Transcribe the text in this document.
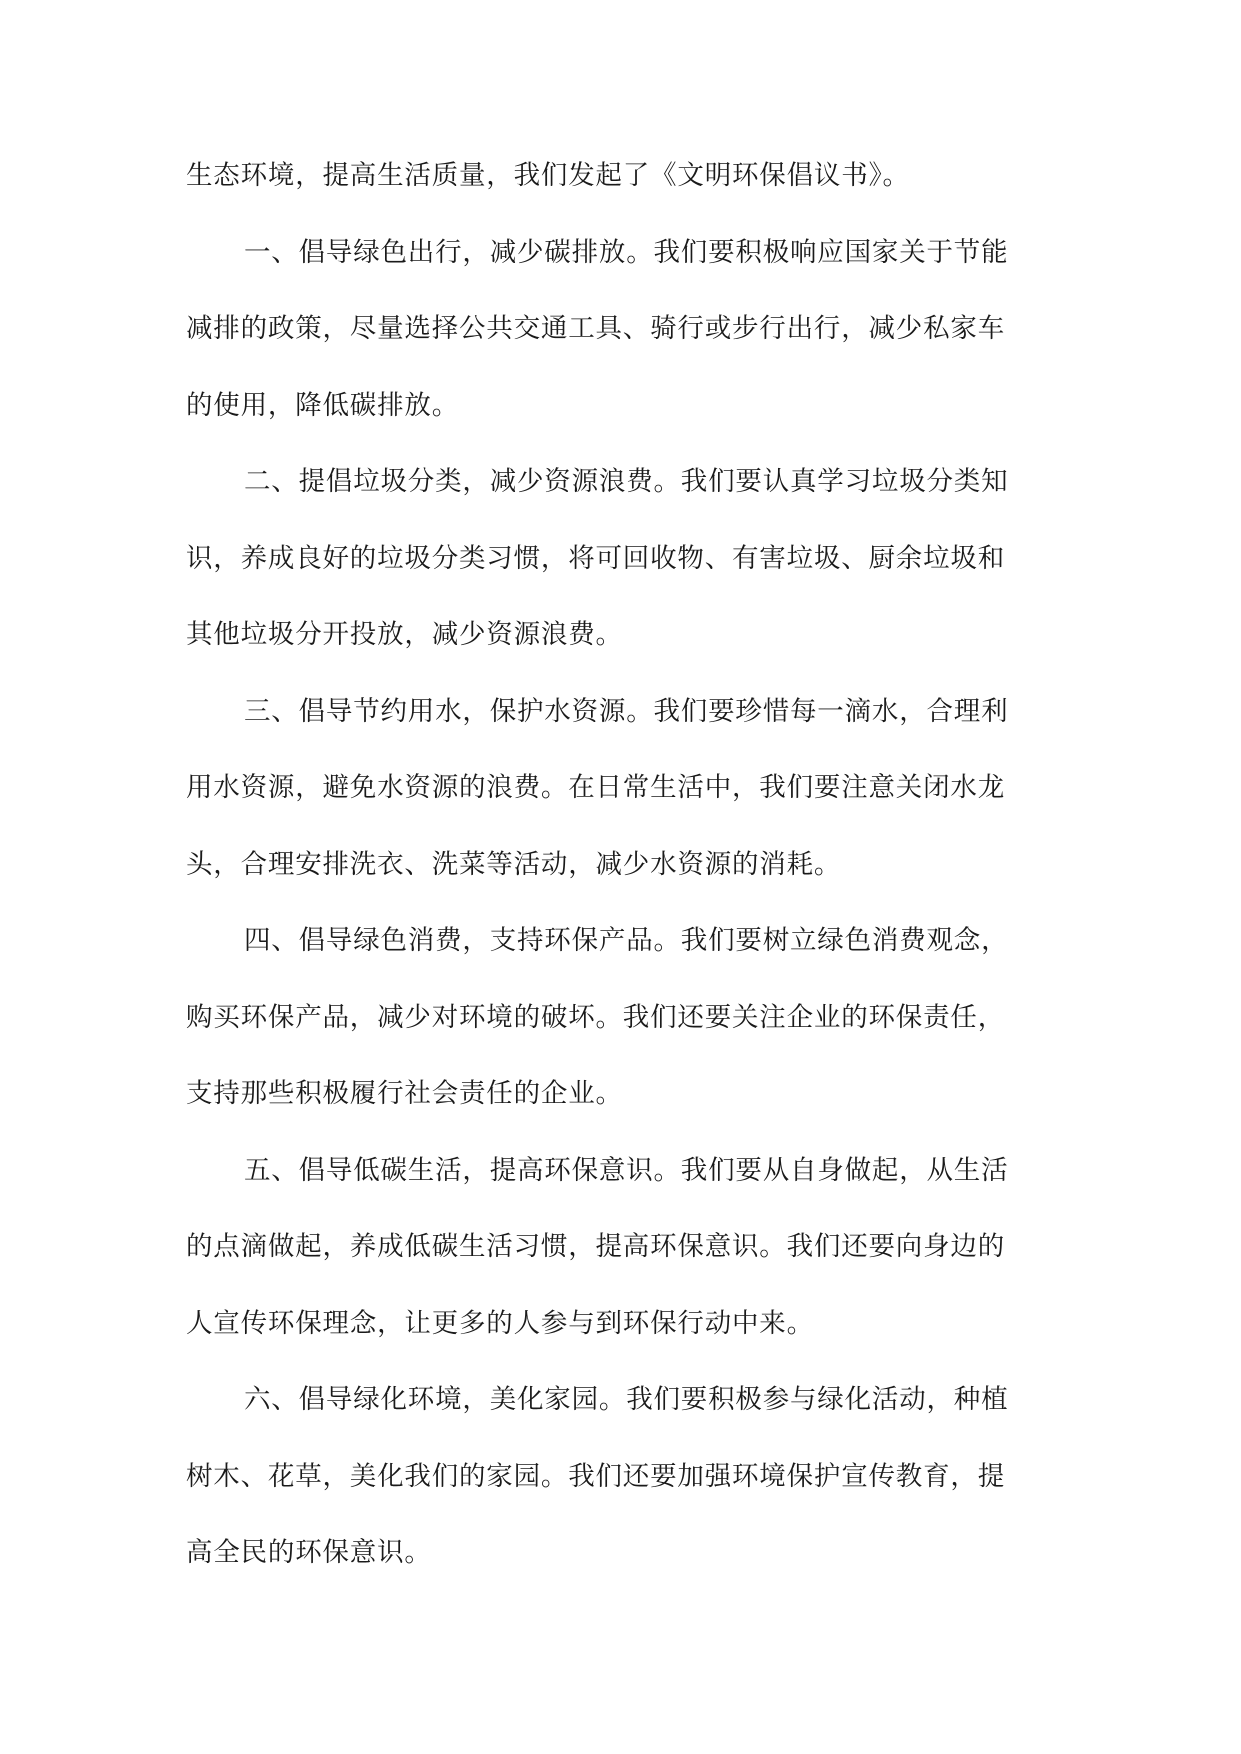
生态环境，提高生活质量，我们发起了《文明环保倡议书》。
一、倡导绿色出行，减少碳排放。我们要积极响应国家关于节能
减排的政策，尽量选择公共交通工具、骑行或步行出行，减少私家车
的使用，降低碳排放。
二、提倡垃圾分类，减少资源浪费。我们要认真学习垃圾分类知
识，养成良好的垃圾分类习惯，将可回收物、有害垃圾、厨余垃圾和
其他垃圾分开投放，减少资源浪费。
三、倡导节约用水，保护水资源。我们要珍惜每一滴水，合理利
用水资源，避免水资源的浪费。在日常生活中，我们要注意关闭水龙
头，合理安排洗衣、洗菜等活动，减少水资源的消耗。
四、倡导绿色消费，支持环保产品。我们要树立绿色消费观念，
购买环保产品，减少对环境的破坏。我们还要关注企业的环保责任，
支持那些积极履行社会责任的企业。
五、倡导低碳生活，提高环保意识。我们要从自身做起，从生活
的点滴做起，养成低碳生活习惯，提高环保意识。我们还要向身边的
人宣传环保理念，让更多的人参与到环保行动中来。
六、倡导绿化环境，美化家园。我们要积极参与绿化活动，种植
树木、花草，美化我们的家园。我们还要加强环境保护宣传教育，提
高全民的环保意识。
